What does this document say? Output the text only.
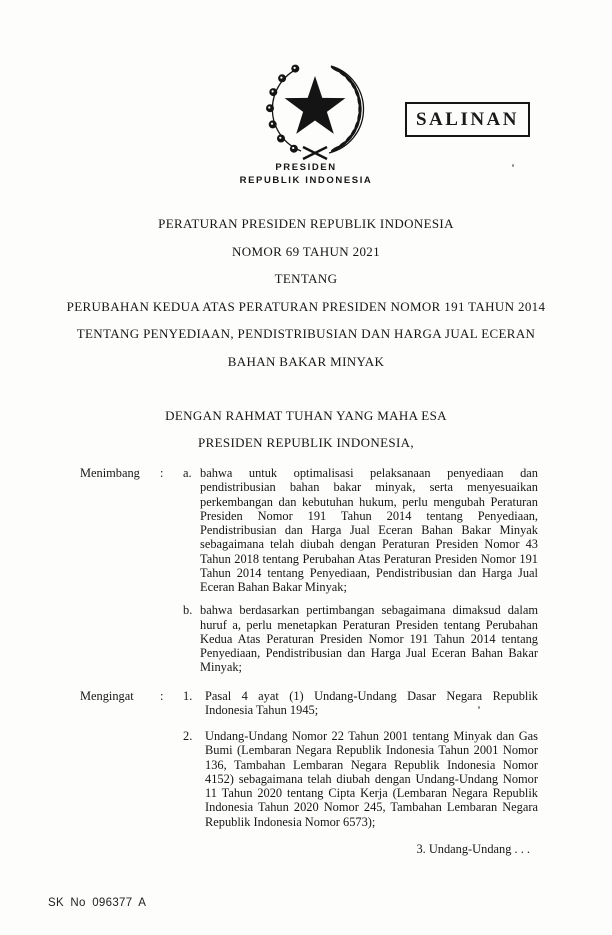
SALINAN
PRESIDEN
REPUBLIK INDONESIA
PERATURAN PRESIDEN REPUBLIK INDONESIA
NOMOR 69 TAHUN 2021
TENTANG
PERUBAHAN KEDUA ATAS PERATURAN PRESIDEN NOMOR 191 TAHUN 2014
TENTANG PENYEDIAAN, PENDISTRIBUSIAN DAN HARGA JUAL ECERAN
BAHAN BAKAR MINYAK
DENGAN RAHMAT TUHAN YANG MAHA ESA
PRESIDEN REPUBLIK INDONESIA,
Menimbang	:	a. bahwa untuk optimalisasi pelaksanaan penyediaan dan pendistribusian bahan bakar minyak, serta menyesuaikan perkembangan dan kebutuhan hukum, perlu mengubah Peraturan Presiden Nomor 191 Tahun 2014 tentang Penyediaan, Pendistribusian dan Harga Jual Eceran Bahan Bakar Minyak sebagaimana telah diubah dengan Peraturan Presiden Nomor 43 Tahun 2018 tentang Perubahan Atas Peraturan Presiden Nomor 191 Tahun 2014 tentang Penyediaan, Pendistribusian dan Harga Jual Eceran Bahan Bakar Minyak;
b. bahwa berdasarkan pertimbangan sebagaimana dimaksud dalam huruf a, perlu menetapkan Peraturan Presiden tentang Perubahan Kedua Atas Peraturan Presiden Nomor 191 Tahun 2014 tentang Penyediaan, Pendistribusian dan Harga Jual Eceran Bahan Bakar Minyak;
Mengingat	:	1.	Pasal 4 ayat (1) Undang-Undang Dasar Negara Republik Indonesia Tahun 1945;
2.	Undang-Undang Nomor 22 Tahun 2001 tentang Minyak dan Gas Bumi (Lembaran Negara Republik Indonesia Tahun 2001 Nomor 136, Tambahan Lembaran Negara Republik Indonesia Nomor 4152) sebagaimana telah diubah dengan Undang-Undang Nomor 11 Tahun 2020 tentang Cipta Kerja (Lembaran Negara Republik Indonesia Tahun 2020 Nomor 245, Tambahan Lembaran Negara Republik Indonesia Nomor 6573);
3. Undang-Undang . . .
SK No 096377 A
